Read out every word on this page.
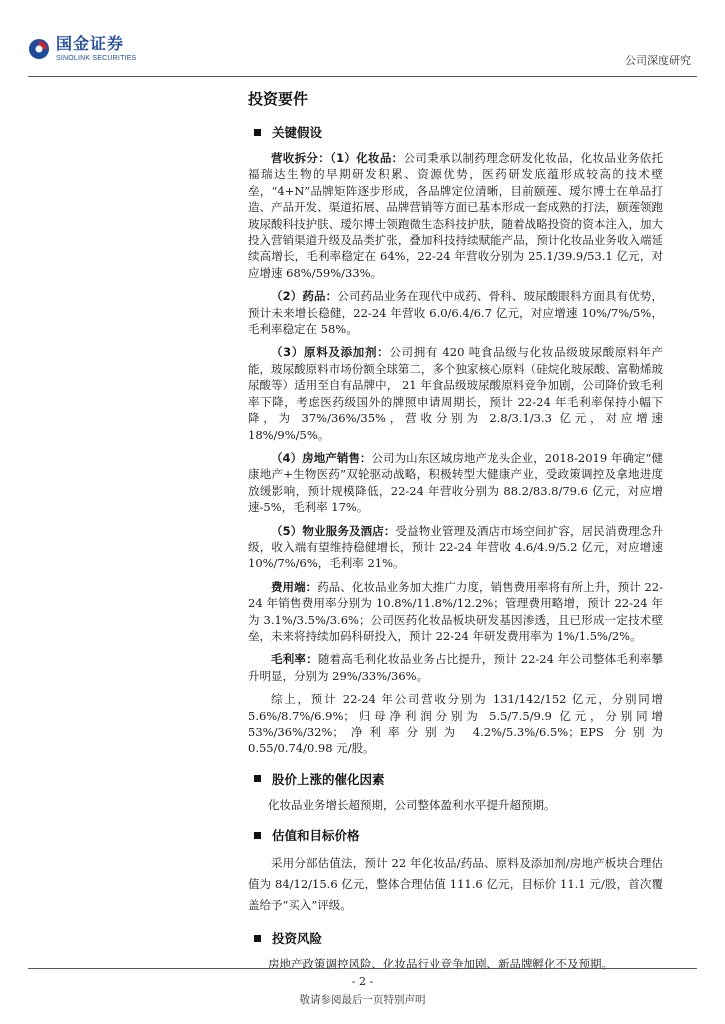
国金证券
SINOLINK SECURITIES	公司深度研究
投资要件
关键假设

营收拆分：（1）化妆品：公司秉承以制药理念研发化妆品，化妆品业务依托福瑞达生物的早期研发积累、资源优势，医药研发底蕴形成较高的技术壁垒，“4+N”品牌矩阵逐步形成，各品牌定位清晰，目前颐莲、瑷尔博士在单品打造、产品开发、渠道拓展、品牌营销等方面已基本形成一套成熟的打法，颐莲领跑玻尿酸科技护肤、瑷尔博士领跑微生态科技护肤，随着战略投资的资本注入，加大投入营销渠道升级及品类扩张，叠加科技持续赋能产品，预计化妆品业务收入端延续高增长，毛利率稳定在 64%，22-24 年营收分别为 25.1/39.9/53.1 亿元，对应增速 68%/59%/33%。

（2）药品：公司药品业务在现代中成药、骨科、玻尿酸眼科方面具有优势，预计未来增长稳健，22-24 年营收 6.0/6.4/6.7 亿元，对应增速 10%/7%/5%，毛利率稳定在 58%。

（3）原料及添加剂：公司拥有 420 吨食品级与化妆品级玻尿酸原料年产能，玻尿酸原料市场份额全球第二，多个独家核心原料（硅烷化玻尿酸、富勒烯玻尿酸等）适用至自有品牌中， 21 年食品级玻尿酸原料竞争加剧，公司降价致毛利率下降，考虑医药级国外的牌照申请周期长，预计 22-24 年毛利率保持小幅下降，为 37%/36%/35%，营收分别为 2.8/3.1/3.3 亿元，对应增速 18%/9%/5%。

（4）房地产销售：公司为山东区域房地产龙头企业，2018-2019 年确定“健康地产+生物医药”双轮驱动战略，积极转型大健康产业，受政策调控及拿地进度放缓影响，预计规模降低，22-24 年营收分别为 88.2/83.8/79.6 亿元，对应增速-5%，毛利率 17%。

（5）物业服务及酒店：受益物业管理及酒店市场空间扩容，居民消费理念升级，收入端有望维持稳健增长，预计 22-24 年营收 4.6/4.9/5.2 亿元，对应增速 10%/7%/6%，毛利率 21%。

费用端：药品、化妆品业务加大推广力度，销售费用率将有所上升，预计 22-24 年销售费用率分别为 10.8%/11.8%/12.2%；管理费用略增，预计 22-24 年为 3.1%/3.5%/3.6%；公司医药化妆品板块研发基因渗透，且已形成一定技术壁垒，未来将持续加码科研投入，预计 22-24 年研发费用率为 1%/1.5%/2%。

毛利率：随着高毛利化妆品业务占比提升，预计 22-24 年公司整体毛利率攀升明显，分别为 29%/33%/36%。

综上，预计 22-24 年公司营收分别为 131/142/152 亿元，分别同增 5.6%/8.7%/6.9%；归母净利润分别为 5.5/7.5/9.9 亿元，分别同增 53%/36%/32%；净利率分别为 4.2%/5.3%/6.5%；EPS 分别为 0.55/0.74/0.98 元/股。

股价上涨的催化因素

化妆品业务增长超预期，公司整体盈利水平提升超预期。

估值和目标价格

采用分部估值法，预计 22 年化妆品/药品、原料及添加剂/房地产板块合理估值为 84/12/15.6 亿元，整体合理估值 111.6 亿元，目标价 11.1 元/股，首次覆盖给予“买入”评级。

投资风险

房地产政策调控风险、化妆品行业竞争加剧、新品牌孵化不及预期。

- 2 -
敬请参阅最后一页特别声明
